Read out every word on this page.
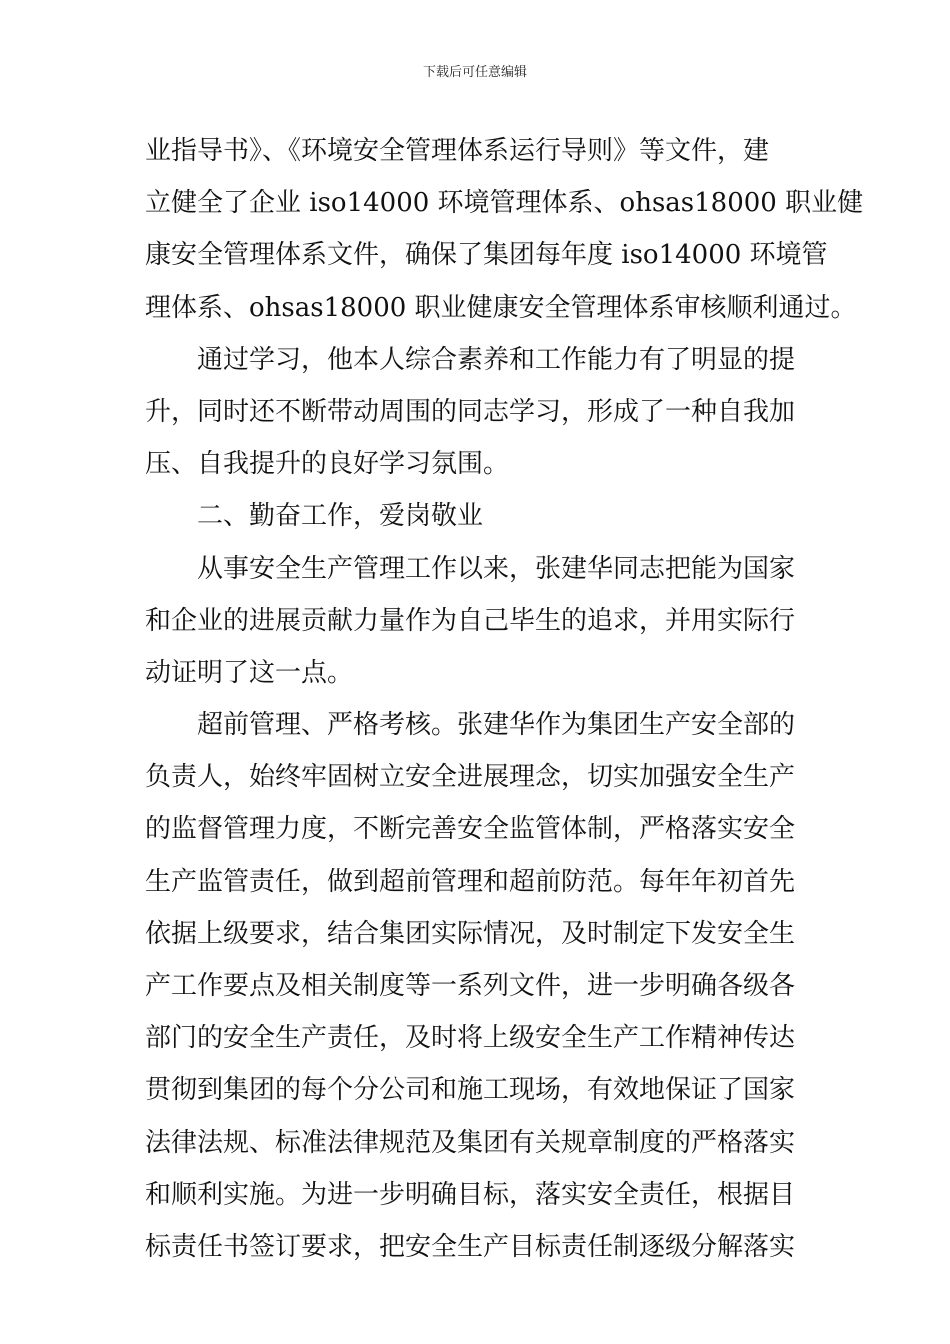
下载后可任意编辑
业指导书》、《环境安全管理体系运行导则》等文件，建
立健全了企业 iso14000 环境管理体系、ohsas18000 职业健
康安全管理体系文件，确保了集团每年度 iso14000 环境管
理体系、ohsas18000 职业健康安全管理体系审核顺利通过。
通过学习，他本人综合素养和工作能力有了明显的提
升，同时还不断带动周围的同志学习，形成了一种自我加
压、自我提升的良好学习氛围。
二、勤奋工作，爱岗敬业
从事安全生产管理工作以来，张建华同志把能为国家
和企业的进展贡献力量作为自己毕生的追求，并用实际行
动证明了这一点。
超前管理、严格考核。张建华作为集团生产安全部的
负责人，始终牢固树立安全进展理念，切实加强安全生产
的监督管理力度，不断完善安全监管体制，严格落实安全
生产监管责任，做到超前管理和超前防范。每年年初首先
依据上级要求，结合集团实际情况，及时制定下发安全生
产工作要点及相关制度等一系列文件，进一步明确各级各
部门的安全生产责任，及时将上级安全生产工作精神传达
贯彻到集团的每个分公司和施工现场，有效地保证了国家
法律法规、标准法律规范及集团有关规章制度的严格落实
和顺利实施。为进一步明确目标，落实安全责任，根据目
标责任书签订要求，把安全生产目标责任制逐级分解落实
